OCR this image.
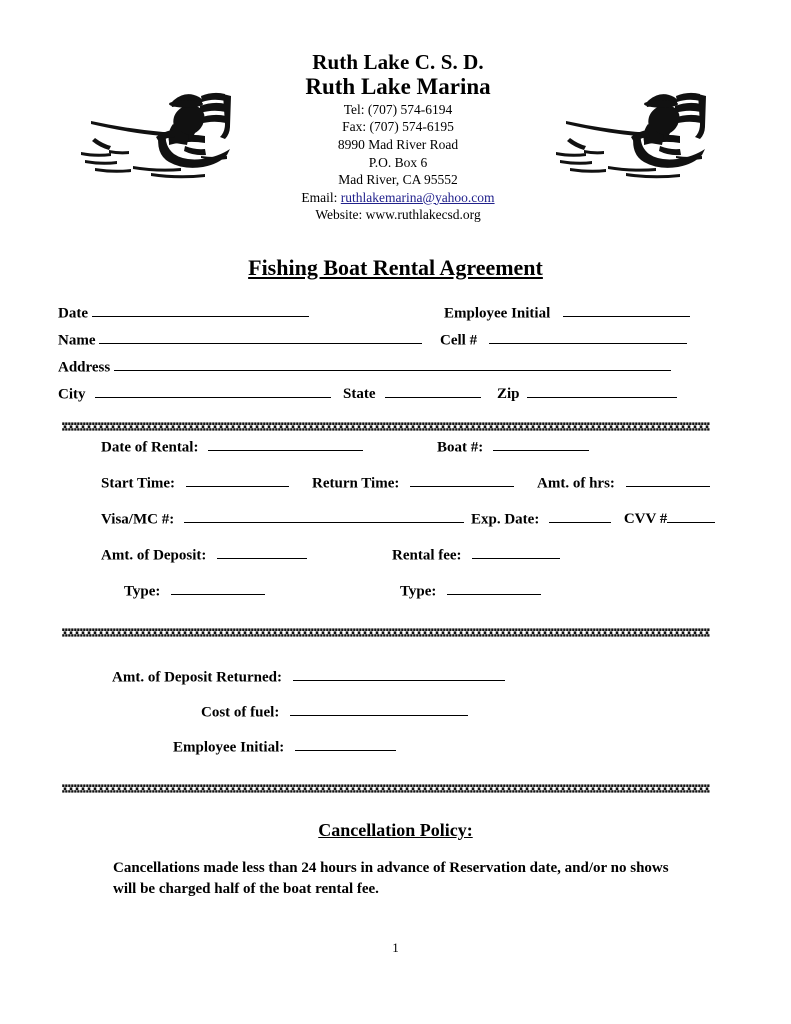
Ruth Lake C. S. D.
Ruth Lake Marina
Tel: (707) 574-6194
Fax: (707) 574-6195
8990 Mad River Road
P.O. Box 6
Mad River, CA 95552
Email: ruthlakemarina@yahoo.com
Website: www.ruthlakecsd.org
Fishing Boat Rental Agreement
Date	Employee Initial
Name	Cell #
Address
City	State	Zip
Date of Rental:	Boat #:
Start Time:	Return Time:	Amt. of hrs:
Visa/MC #:	Exp. Date:	CVV #
Amt. of Deposit:	Rental fee:
Type:	Type:
Amt. of Deposit Returned:
Cost of fuel:
Employee Initial:
Cancellation Policy:
Cancellations made less than 24 hours in advance of Reservation date, and/or no shows will be charged half of the boat rental fee.
1
